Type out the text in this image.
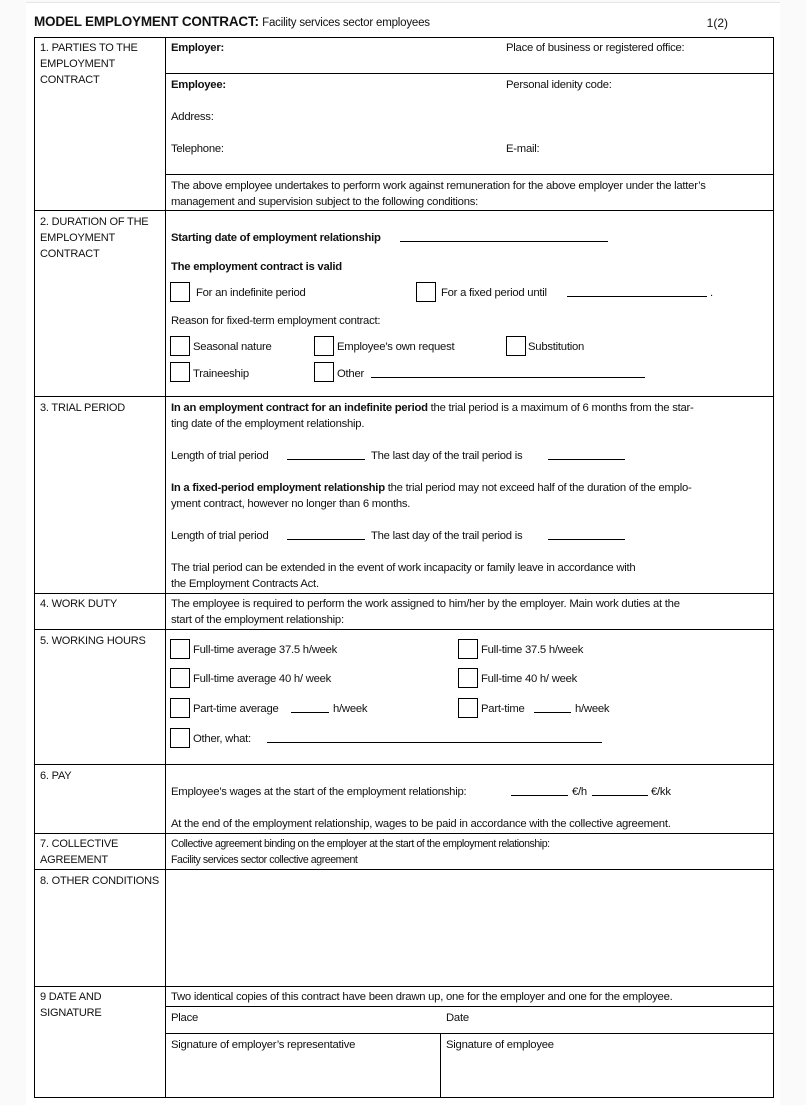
MODEL EMPLOYMENT CONTRACT: Facility services sector employees	1(2)
1. PARTIES TO THE EMPLOYMENT CONTRACT
Employer:	Place of business or registered office:
Employee:	Personal idenity code:
Address:
Telephone:	E-mail:
The above employee undertakes to perform work against remuneration for the above employer under the latter’s management and supervision subject to the following conditions:
2. DURATION OF THE EMPLOYMENT CONTRACT
Starting date of employment relationship
The employment contract is valid
For an indefinite period	For a fixed period until	.
Reason for fixed-term employment contract:
Seasonal nature	Employee’s own request	Substitution
Traineeship	Other
3. TRIAL PERIOD	In an employment contract for an indefinite period the trial period is a maximum of 6 months from the star-
ting date of the employment relationship.
Length of trial period	The last day of the trail period is
In a fixed-period employment relationship the trial period may not exceed half of the duration of the emplo-
yment contract, however no longer than 6 months.
Length of trial period	The last day of the trail period is
The trial period can be extended in the event of work incapacity or family leave in accordance with
the Employment Contracts Act.
4. WORK DUTY	The employee is required to perform the work assigned to him/her by the employer. Main work duties at the
start of the employment relationship:
5. WORKING HOURS
Full-time average 37.5 h/week	Full-time 37.5 h/week
Full-time average 40 h/ week	Full-time 40 h/ week
Part-time average	h/week	Part-time	h/week
Other, what:
6. PAY
Employee’s wages at the start of the employment relationship:	€/h	€/kk
At the end of the employment relationship, wages to be paid in accordance with the collective agreement.
7. COLLECTIVE AGREEMENT
Collective agreement binding on the employer at the start of the employment relationship:
Facility services sector collective agreement
8. OTHER CONDITIONS
9 DATE AND SIGNATURE
Two identical copies of this contract have been drawn up, one for the employer and one for the employee.
Place	Date
Signature of employer’s representative	Signature of employee
